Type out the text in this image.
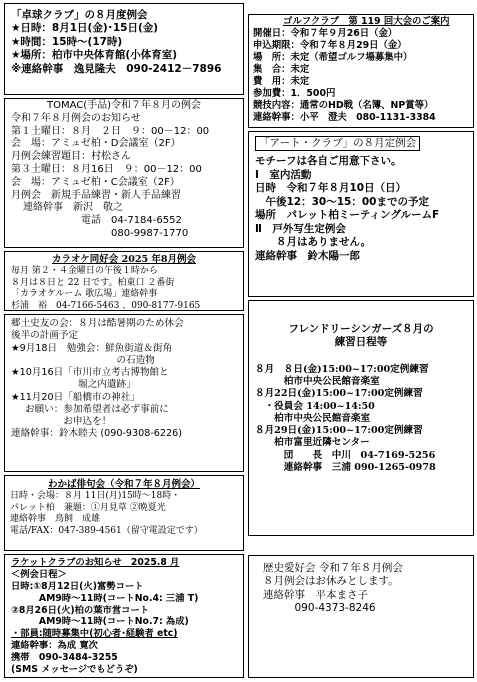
「卓球クラブ」の８月度例会
★日時：8月1日(金)･15日(金)
★時間：15時～(17時)
★場所：柏市中央体育館(小体育室)
※連絡幹事　逸見隆夫　090-2412－7896
TOMAC(手品)令和７年８月の例会
令和７年８月例会のお知らせ
第１土曜日：８月　２日　９：00－12：00
会　場：アミュゼ柏・D会議室（2F）
月例会練習題目：村松さん
第３土曜日：８月16日　９：00－12：00
会　場：アミュゼ柏・C会議室（2F）
月例会　新規手品練習・新人手品練習
連絡幹事　新沢　敬之
電話　04-7184-6552
080-9987-1770
カラオケ同好会 2025 年8月例会
毎月 第２・４金曜日の午後１時から
８月は８日と 22 日です。柏東口 ２番街
「カラオケルーム 歌広場」連絡幹事
杉浦　裕　04-7166-5463 、090-8177-9165
郷土史友の会：８月は酷暑期のため休会
後半の計画予定
★9月18日　勉強会：鮮魚街道＆街角
　　　　　　　　　　　の石造物
★10月16日「市川市立考古博物館と
　　　　　　　堀之内遺跡」
★11月20日「船橋市の神社」
お願い：参加希望者は必ず事前に
　　　　お申込を！
連絡幹事：鈴木睦夫 (090-9308-6226)
わかば俳句会（令和７年８月例会）
日時・会場：８月 11日(月)15時～18時・
パレット柏　兼題：①月見草 ②晩夏光
連絡幹事　鳥飼　成雄
電話/FAX：047-389-4561（留守電設定です）
ラケットクラブのお知らせ　2025.8 月
＜例会日程＞
日時:①8月12日(火)富勢コート
　　　AM9時～11時(コートNo.4: 三浦 T)
②8月26日(火)柏の葉市営コート
　　　AM9時～11時(コートNo.7: 為成)
・部員:随時募集中(初心者･経験者 etc)
連絡幹事：為成 寛次
携帯　090-3484-3255
(SMS メッセージでもどうぞ)
ゴルフクラブ　第 119 回大会のご案内
開催日：令和７年９月26日（金）
申込期限：令和７年８月29日（金）
場　所：未定（希望ゴルフ場募集中）
集　合：未定
費　用：未定
参加費：1．500円
競技内容：通常のHD戦（名簿、NP賞等）
連絡幹事：小平　澄夫　080-1131-3384
「アート・クラブ」の８月定例会
モチーフは各自ご用意下さい。
Ⅰ　室内活動
日時　令和７年８月10日（日）
　午後12：30～15：00までの予定
場所　パレット柏ミーティングルームF
Ⅱ　戸外写生定例会
　　８月はありません。
連絡幹事　鈴木陽一郎
フレンドリーシンガーズ８月の
練習日程等
８月　８日(金)15:00~17:00定例練習
　　　柏市中央公民館音楽室
８月22日(金)15:00~17:00定例練習
　・役員会 14:00~14:50
　　柏市中央公民館音楽室
８月29日(金)15:00~17:00定例練習
　　柏市富里近隣センター
　　　団　　長　中川　04-7169-5256
　　　連絡幹事　三浦 090-1265-0978
歴史愛好会 令和７年８月例会
８月例会はお休みとします。
連絡幹事　平本まさ子
　　　090-4373-8246
